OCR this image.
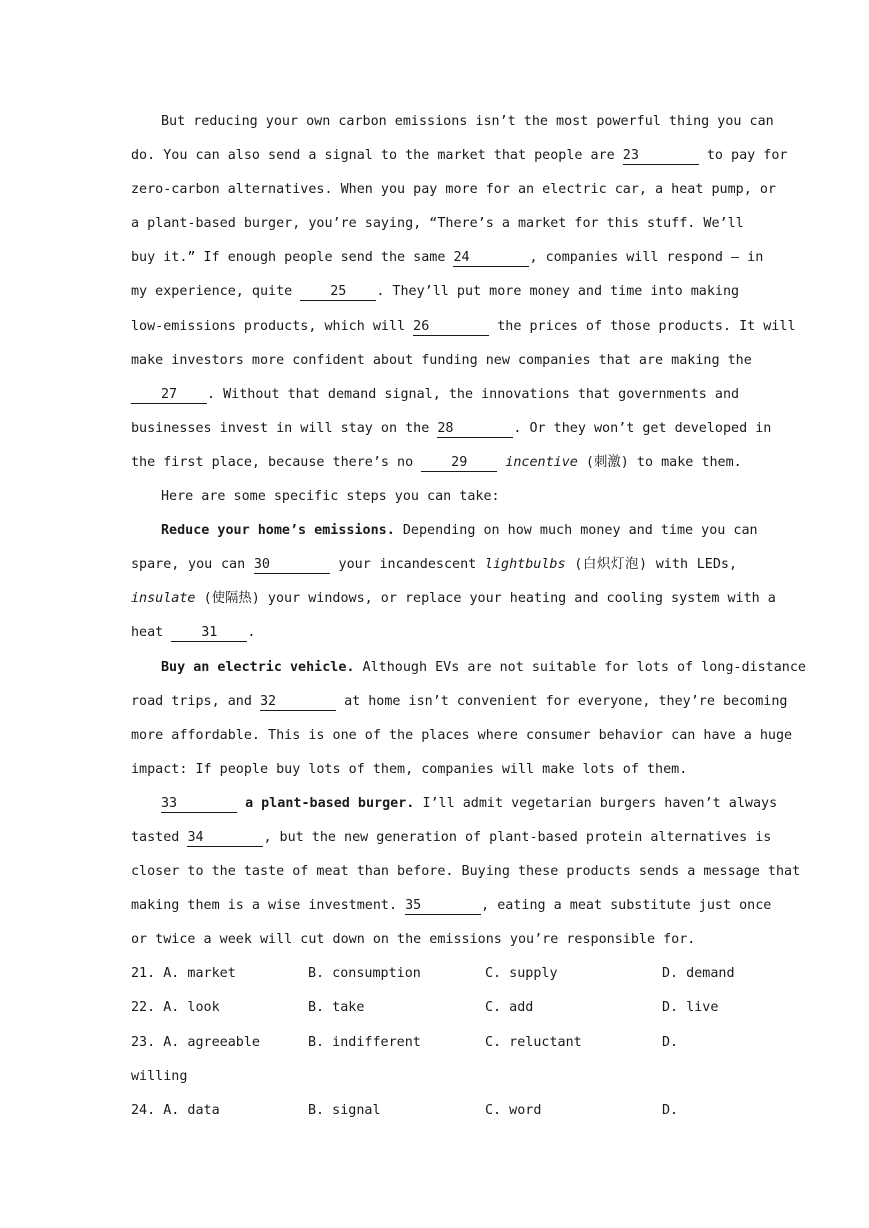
But reducing your own carbon emissions isn’t the most powerful thing you can
do. You can also send a signal to the market that people are 23	to pay for
zero-carbon alternatives. When you pay more for an electric car, a heat pump, or
a plant-based burger, you’re saying, “There’s a market for this stuff. We’ll
buy it.” If enough people send the same 24	, companies will respond — in
my experience, quite	25 . They’ll put more money and time into making
low-emissions products, which will 26	the prices of those products. It will
make investors more confident about funding new companies that are making the
27 . Without that demand signal, the innovations that governments and
businesses invest in will stay on the 28	. Or they won’t get developed in
the first place, because there’s no	29	incentive (刺激) to make them.
Here are some specific steps you can take:
Reduce your home’s emissions. Depending on how much money and time you can
spare, you can 30	your incandescent lightbulbs (白炽灯泡) with LEDs,
insulate (使隔热) your windows, or replace your heating and cooling system with a
heat	31 .
Buy an electric vehicle. Although EVs are not suitable for lots of long-distance
road trips, and 32	at home isn’t convenient for everyone, they’re becoming
more affordable. This is one of the places where consumer behavior can have a huge
impact: If people buy lots of them, companies will make lots of them.
33	a plant-based burger. I’ll admit vegetarian burgers haven’t always
tasted 34	, but the new generation of plant-based protein alternatives is
closer to the taste of meat than before. Buying these products sends a message that
making them is a wise investment. 35	, eating a meat substitute just once
or twice a week will cut down on the emissions you’re responsible for.
21. A. market	B. consumption	C. supply	D. demand
22. A. look	B. take	C. add	D. live
23. A. agreeable	B. indifferent	C. reluctant	D.
willing
24. A. data	B. signal	C. word	D.
